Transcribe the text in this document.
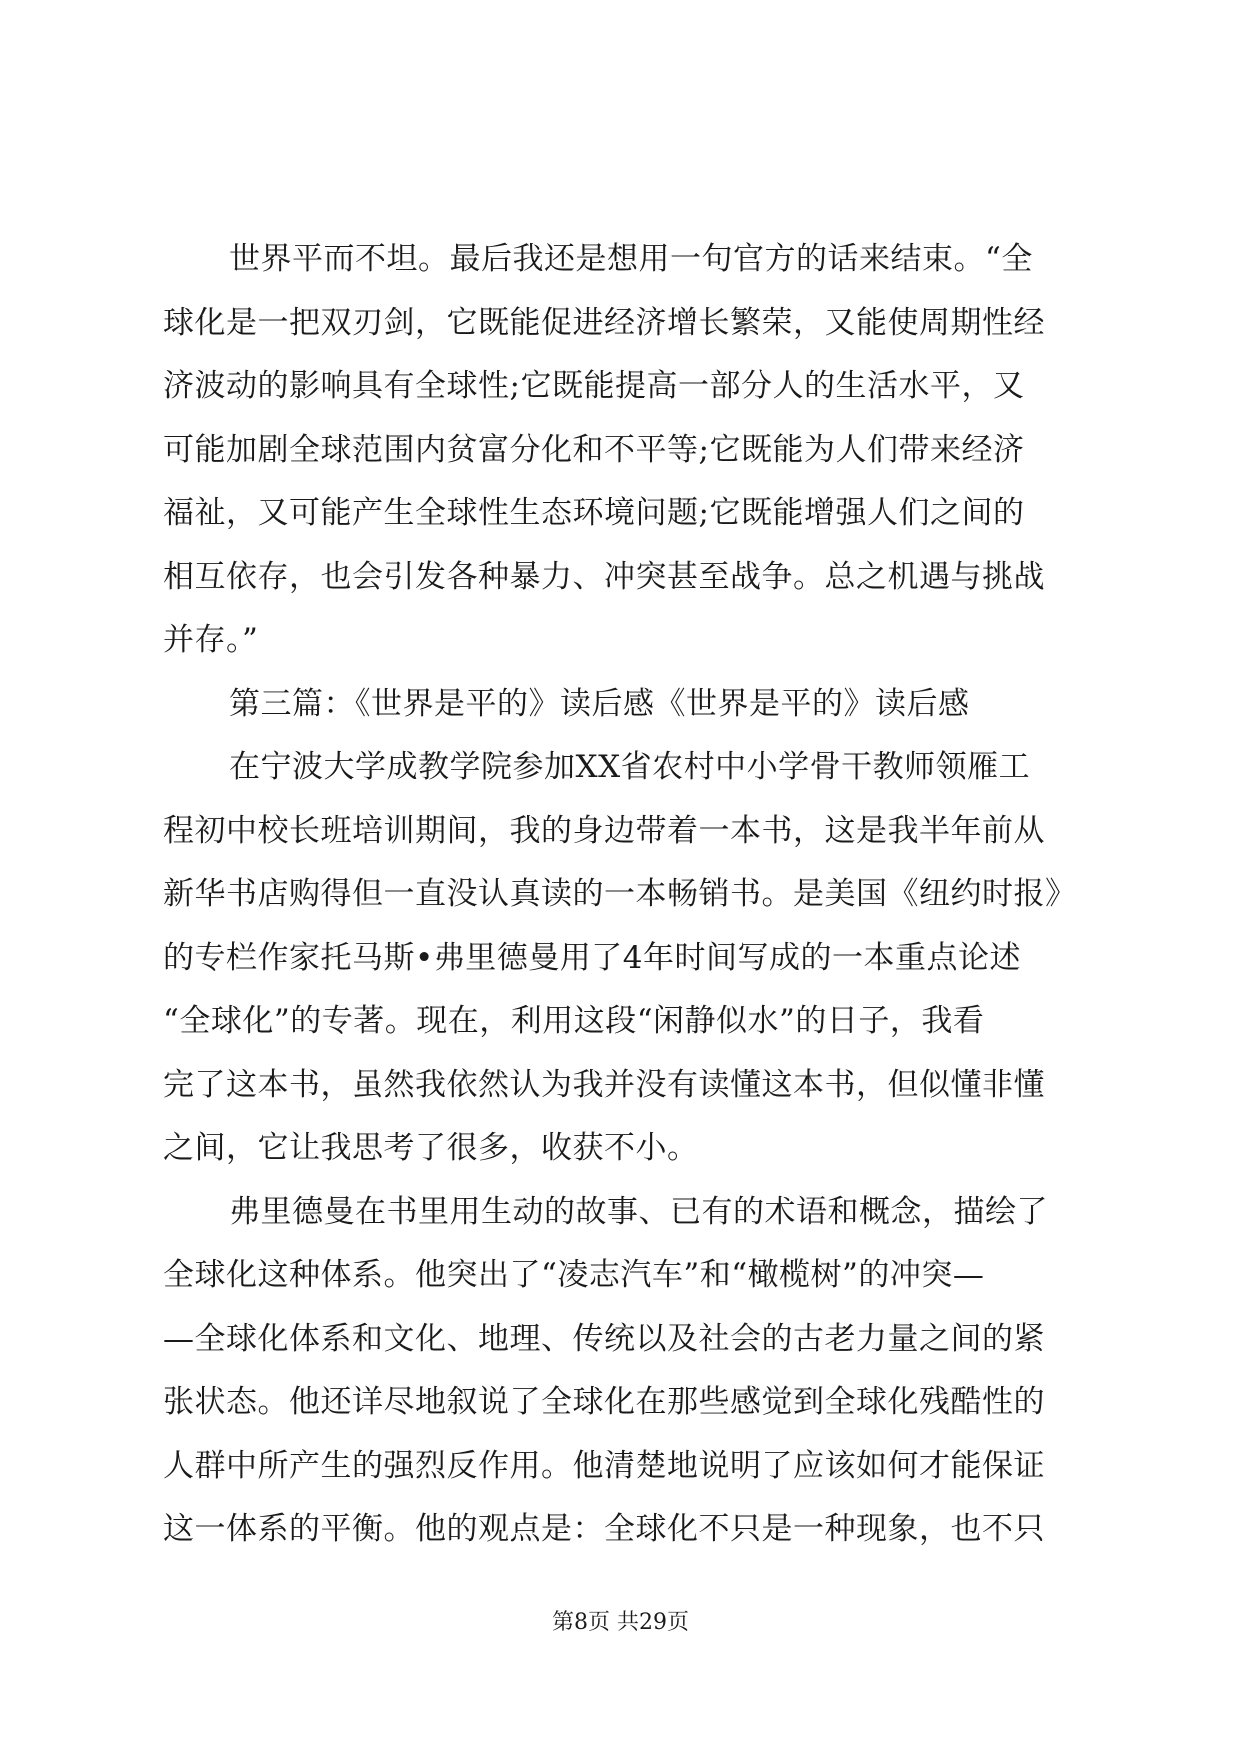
世界平而不坦。最后我还是想用一句官方的话来结束。“全
球化是一把双刃剑，它既能促进经济增长繁荣，又能使周期性经
济波动的影响具有全球性;它既能提高一部分人的生活水平，又
可能加剧全球范围内贫富分化和不平等;它既能为人们带来经济
福祉，又可能产生全球性生态环境问题;它既能增强人们之间的
相互依存，也会引发各种暴力、冲突甚至战争。总之机遇与挑战
并存。”
第三篇：《世界是平的》读后感《世界是平的》读后感
在宁波大学成教学院参加XX省农村中小学骨干教师领雁工
程初中校长班培训期间，我的身边带着一本书，这是我半年前从
新华书店购得但一直没认真读的一本畅销书。是美国《纽约时报》
的专栏作家托马斯•弗里德曼用了4年时间写成的一本重点论述
“全球化”的专著。现在，利用这段“闲静似水”的日子，我看
完了这本书，虽然我依然认为我并没有读懂这本书，但似懂非懂
之间，它让我思考了很多，收获不小。
弗里德曼在书里用生动的故事、已有的术语和概念，描绘了
全球化这种体系。他突出了“凌志汽车”和“橄榄树”的冲突—
—全球化体系和文化、地理、传统以及社会的古老力量之间的紧
张状态。他还详尽地叙说了全球化在那些感觉到全球化残酷性的
人群中所产生的强烈反作用。他清楚地说明了应该如何才能保证
这一体系的平衡。他的观点是：全球化不只是一种现象，也不只
第8页 共29页
